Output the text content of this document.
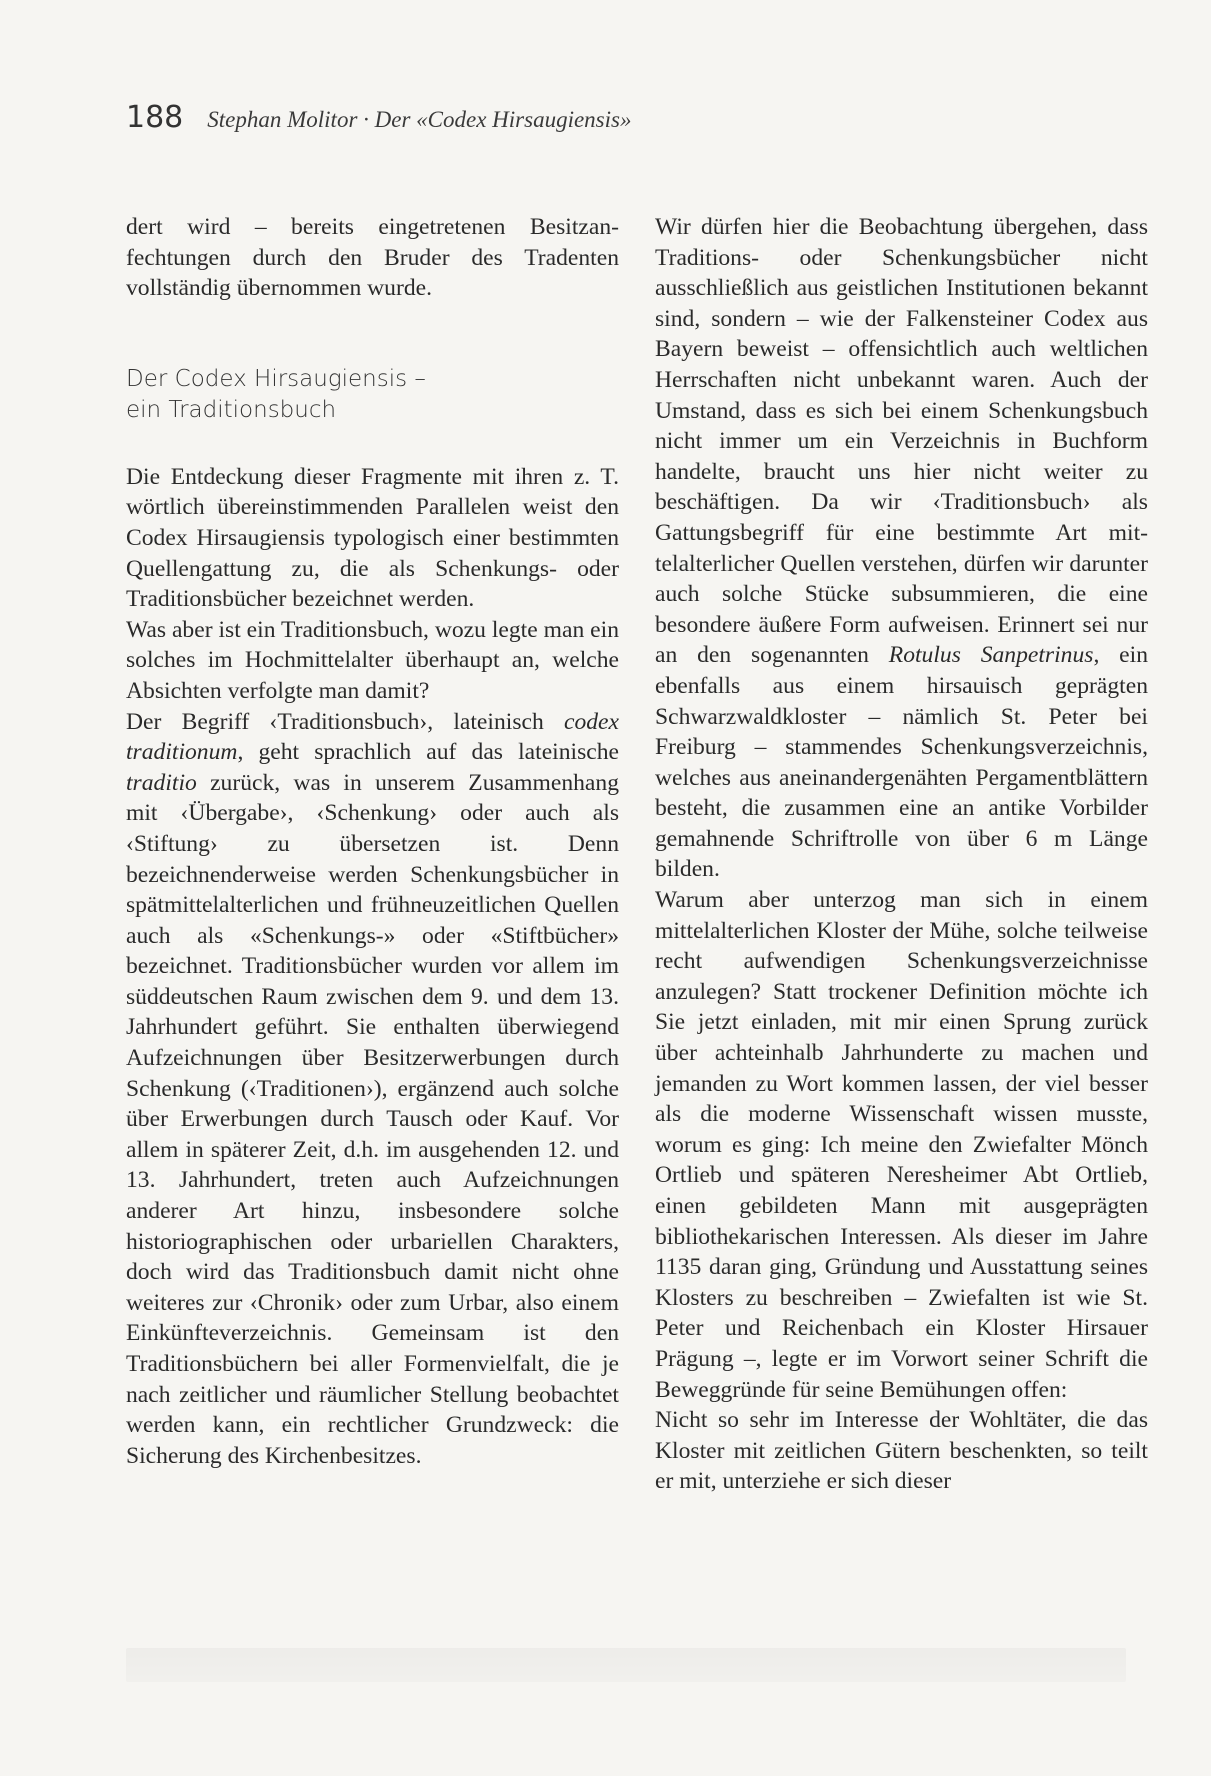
188 Stephan Molitor · Der «Codex Hirsaugiensis»

dert wird – bereits eingetretenen Besitzanfechtungen durch den Bruder des Tradenten vollständig übernommen wurde.

Der Codex Hirsaugiensis –

ein Traditionsbuch

Die Entdeckung dieser Fragmente mit ihren z. T. wörtlich übereinstimmenden Parallelen weist den Codex Hirsaugiensis typologisch einer bestimmten Quellengattung zu, die als Schenkungs- oder Traditionsbücher bezeichnet werden.

Was aber ist ein Traditionsbuch, wozu legte man ein solches im Hochmittelalter überhaupt an, welche Absichten verfolgte man damit?

Der Begriff ‹Traditionsbuch›, lateinisch codex traditionum, geht sprachlich auf das lateinische traditio zurück, was in unserem Zusammenhang mit ‹Übergabe›, ‹Schenkung› oder auch als ‹Stiftung› zu übersetzen ist. Denn bezeichnenderweise werden Schenkungsbücher in spätmittelalterlichen und frühneuzeitlichen Quellen auch als «Schenkungs-» oder «Stiftbücher» bezeichnet. Traditionsbücher wurden vor allem im süddeutschen Raum zwischen dem 9. und dem 13. Jahrhundert geführt. Sie enthalten überwiegend Aufzeichnungen über Besitzerwerbungen durch Schenkung (‹Traditionen›), ergänzend auch solche über Erwerbungen durch Tausch oder Kauf. Vor allem in späterer Zeit, d.h. im ausgehenden 12. und 13. Jahrhundert, treten auch Aufzeichnungen anderer Art hinzu, insbesondere solche historiographischen oder urbariellen Charakters, doch wird das Traditionsbuch damit nicht ohne weiteres zur ‹Chronik› oder zum Urbar, also einem Einkünfteverzeichnis. Gemeinsam ist den Traditionsbüchern bei aller Formenvielfalt, die je nach zeitlicher und räumlicher Stellung beobachtet werden kann, ein rechtlicher Grundzweck: die Sicherung des Kirchenbesitzes.

Wir dürfen hier die Beobachtung übergehen, dass Traditions- oder Schenkungsbücher nicht ausschließlich aus geistlichen Institutionen bekannt sind, sondern – wie der Falkensteiner Codex aus Bayern beweist – offensichtlich auch weltlichen Herrschaften nicht unbekannt waren. Auch der Umstand, dass es sich bei einem Schenkungsbuch nicht immer um ein Verzeichnis in Buchform handelte, braucht uns hier nicht weiter zu beschäftigen. Da wir ‹Traditionsbuch› als Gattungsbegriff für eine bestimmte Art mittelalterlicher Quellen verstehen, dürfen wir darunter auch solche Stücke subsummieren, die eine besondere äußere Form aufweisen. Erinnert sei nur an den sogenannten Rotulus Sanpetrinus, ein ebenfalls aus einem hirsauisch geprägten Schwarzwaldkloster – nämlich St. Peter bei Freiburg – stammendes Schenkungsverzeichnis, welches aus aneinandergenähten Pergamentblättern besteht, die zusammen eine an antike Vorbilder gemahnende Schriftrolle von über 6 m Länge bilden.

Warum aber unterzog man sich in einem mittelalterlichen Kloster der Mühe, solche teilweise recht aufwendigen Schenkungsverzeichnisse anzulegen? Statt trockener Definition möchte ich Sie jetzt einladen, mit mir einen Sprung zurück über achteinhalb Jahrhunderte zu machen und jemanden zu Wort kommen lassen, der viel besser als die moderne Wissenschaft wissen musste, worum es ging: Ich meine den Zwiefalter Mönch Ortlieb und späteren Neresheimer Abt Ortlieb, einen gebildeten Mann mit ausgeprägten bibliothekarischen Interessen. Als dieser im Jahre 1135 daran ging, Gründung und Ausstattung seines Klosters zu beschreiben – Zwiefalten ist wie St. Peter und Reichenbach ein Kloster Hirsauer Prägung –, legte er im Vorwort seiner Schrift die Beweggründe für seine Bemühungen offen:

Nicht so sehr im Interesse der Wohltäter, die das Kloster mit zeitlichen Gütern beschenkten, so teilt er mit, unterziehe er sich dieser
